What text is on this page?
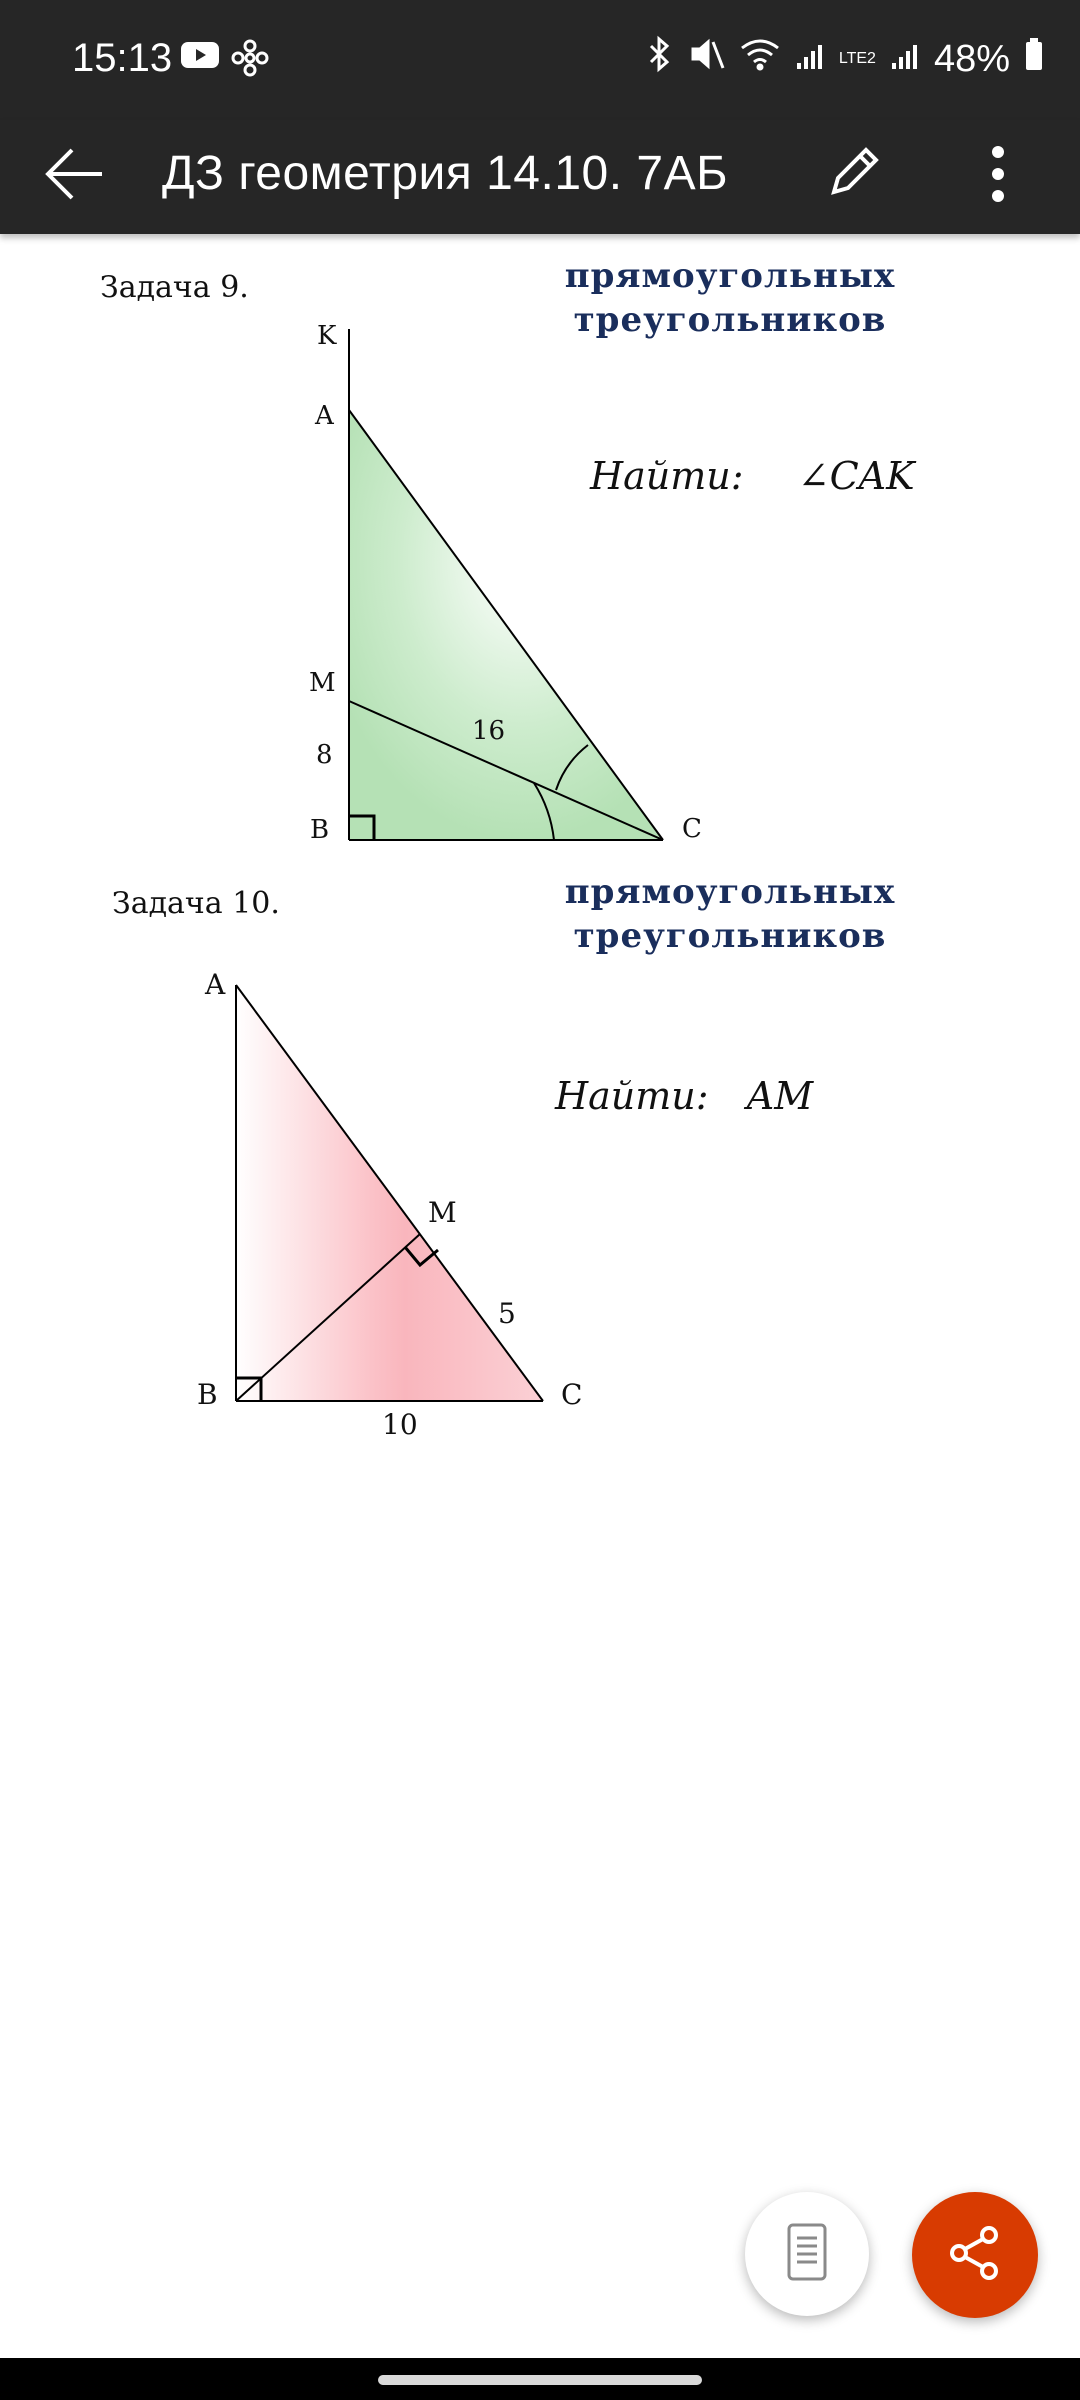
15:13	LTE2 48%
ДЗ геометрия 14.10. 7АБ
Задача 9.	прямоугольных
треугольников
Найти: ∠CAK
K
A
M
B	C
8
16
A
M
B	C
5
10
Задача 10.	прямоугольных
треугольников
Найти: AM
